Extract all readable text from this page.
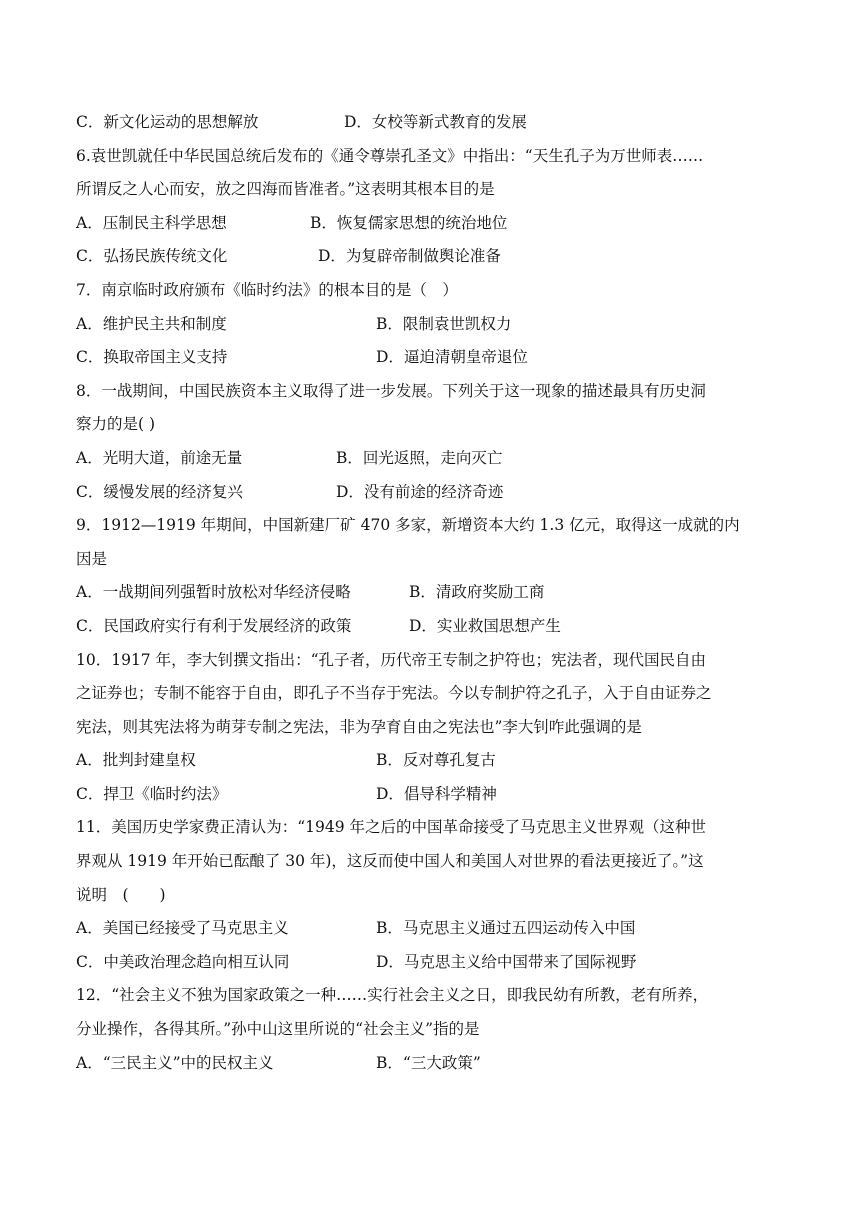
C．新文化运动的思想解放	D．女校等新式教育的发展
6.袁世凯就任中华民国总统后发布的《通令尊崇孔圣文》中指出：“天生孔子为万世师表……
所谓反之人心而安，放之四海而皆准者。”这表明其根本目的是
A．压制民主科学思想	B．恢复儒家思想的统治地位
C．弘扬民族传统文化	D．为复辟帝制做舆论准备
7．南京临时政府颁布《临时约法》的根本目的是（　）
A．维护民主共和制度	B．限制袁世凯权力
C．换取帝国主义支持	D．逼迫清朝皇帝退位
8．一战期间，中国民族资本主义取得了进一步发展。下列关于这一现象的描述最具有历史洞
察力的是( )
A．光明大道，前途无量	B．回光返照，走向灭亡
C．缓慢发展的经济复兴	D．没有前途的经济奇迹
9．1912—1919 年期间，中国新建厂矿 470 多家，新增资本大约 1.3 亿元，取得这一成就的内
因是
A．一战期间列强暂时放松对华经济侵略	B．清政府奖励工商
C．民国政府实行有利于发展经济的政策	D．实业救国思想产生
10．1917 年，李大钊撰文指出：“孔子者，历代帝王专制之护符也；宪法者，现代国民自由
之证券也；专制不能容于自由，即孔子不当存于宪法。今以专制护符之孔子，入于自由证券之
宪法，则其宪法将为萌芽专制之宪法，非为孕育自由之宪法也”李大钊咋此强调的是
A．批判封建皇权	B．反对尊孔复古
C．捍卫《临时约法》	D．倡导科学精神
11．美国历史学家费正清认为：“1949 年之后的中国革命接受了马克思主义世界观（这种世
界观从 1919 年开始已酝酿了 30 年)，这反而使中国人和美国人对世界的看法更接近了。”这
说明　(　　)
A．美国已经接受了马克思主义	B．马克思主义通过五四运动传入中国
C．中美政治理念趋向相互认同	D．马克思主义给中国带来了国际视野
12．“社会主义不独为国家政策之一种……实行社会主义之日，即我民幼有所教，老有所养，
分业操作，各得其所。”孙中山这里所说的“社会主义”指的是
A．“三民主义”中的民权主义	B．“三大政策”
